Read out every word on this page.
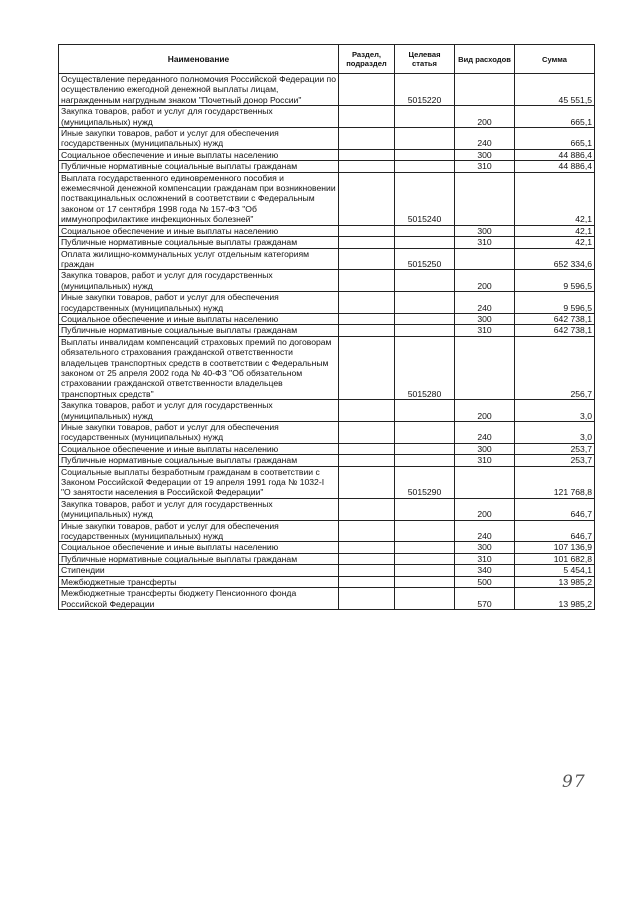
Наименование	Раздел, подраздел	Целевая статья	Вид расходов	Сумма
Осуществление переданного полномочия Российской Федерации по осуществлению ежегодной денежной выплаты лицам, награжденным нагрудным знаком "Почетный донор России"		5015220		45 551,5
Закупка товаров, работ и услуг для государственных (муниципальных) нужд			200	665,1
Иные закупки товаров, работ и услуг для обеспечения государственных (муниципальных) нужд			240	665,1
Социальное обеспечение и иные выплаты населению			300	44 886,4
Публичные нормативные социальные выплаты гражданам			310	44 886,4
Выплата государственного единовременного пособия и ежемесячной денежной компенсации гражданам при возникновении поствакцинальных осложнений в соответствии с Федеральным законом от 17 сентября 1998 года № 157-ФЗ "Об иммунопрофилактике инфекционных болезней"		5015240		42,1
Социальное обеспечение и иные выплаты населению			300	42,1
Публичные нормативные социальные выплаты гражданам			310	42,1
Оплата жилищно-коммунальных услуг отдельным категориям граждан		5015250		652 334,6
Закупка товаров, работ и услуг для государственных (муниципальных) нужд			200	9 596,5
Иные закупки товаров, работ и услуг для обеспечения государственных (муниципальных) нужд			240	9 596,5
Социальное обеспечение и иные выплаты населению			300	642 738,1
Публичные нормативные социальные выплаты гражданам			310	642 738,1
Выплаты инвалидам компенсаций страховых премий по договорам обязательного страхования гражданской ответственности владельцев транспортных средств в соответствии с Федеральным законом от 25 апреля 2002 года № 40-ФЗ "Об обязательном страховании гражданской ответственности владельцев транспортных средств"		5015280		256,7
Закупка товаров, работ и услуг для государственных (муниципальных) нужд			200	3,0
Иные закупки товаров, работ и услуг для обеспечения государственных (муниципальных) нужд			240	3,0
Социальное обеспечение и иные выплаты населению			300	253,7
Публичные нормативные социальные выплаты гражданам			310	253,7
Социальные выплаты безработным гражданам в соответствии с Законом Российской Федерации от 19 апреля 1991 года № 1032-I "О занятости населения в Российской Федерации"		5015290		121 768,8
Закупка товаров, работ и услуг для государственных (муниципальных) нужд			200	646,7
Иные закупки товаров, работ и услуг для обеспечения государственных (муниципальных) нужд			240	646,7
Социальное обеспечение и иные выплаты населению			300	107 136,9
Публичные нормативные социальные выплаты гражданам			310	101 682,8
Стипендии			340	5 454,1
Межбюджетные трансферты			500	13 985,2
Межбюджетные трансферты бюджету Пенсионного фонда Российской Федерации			570	13 985,2
97
